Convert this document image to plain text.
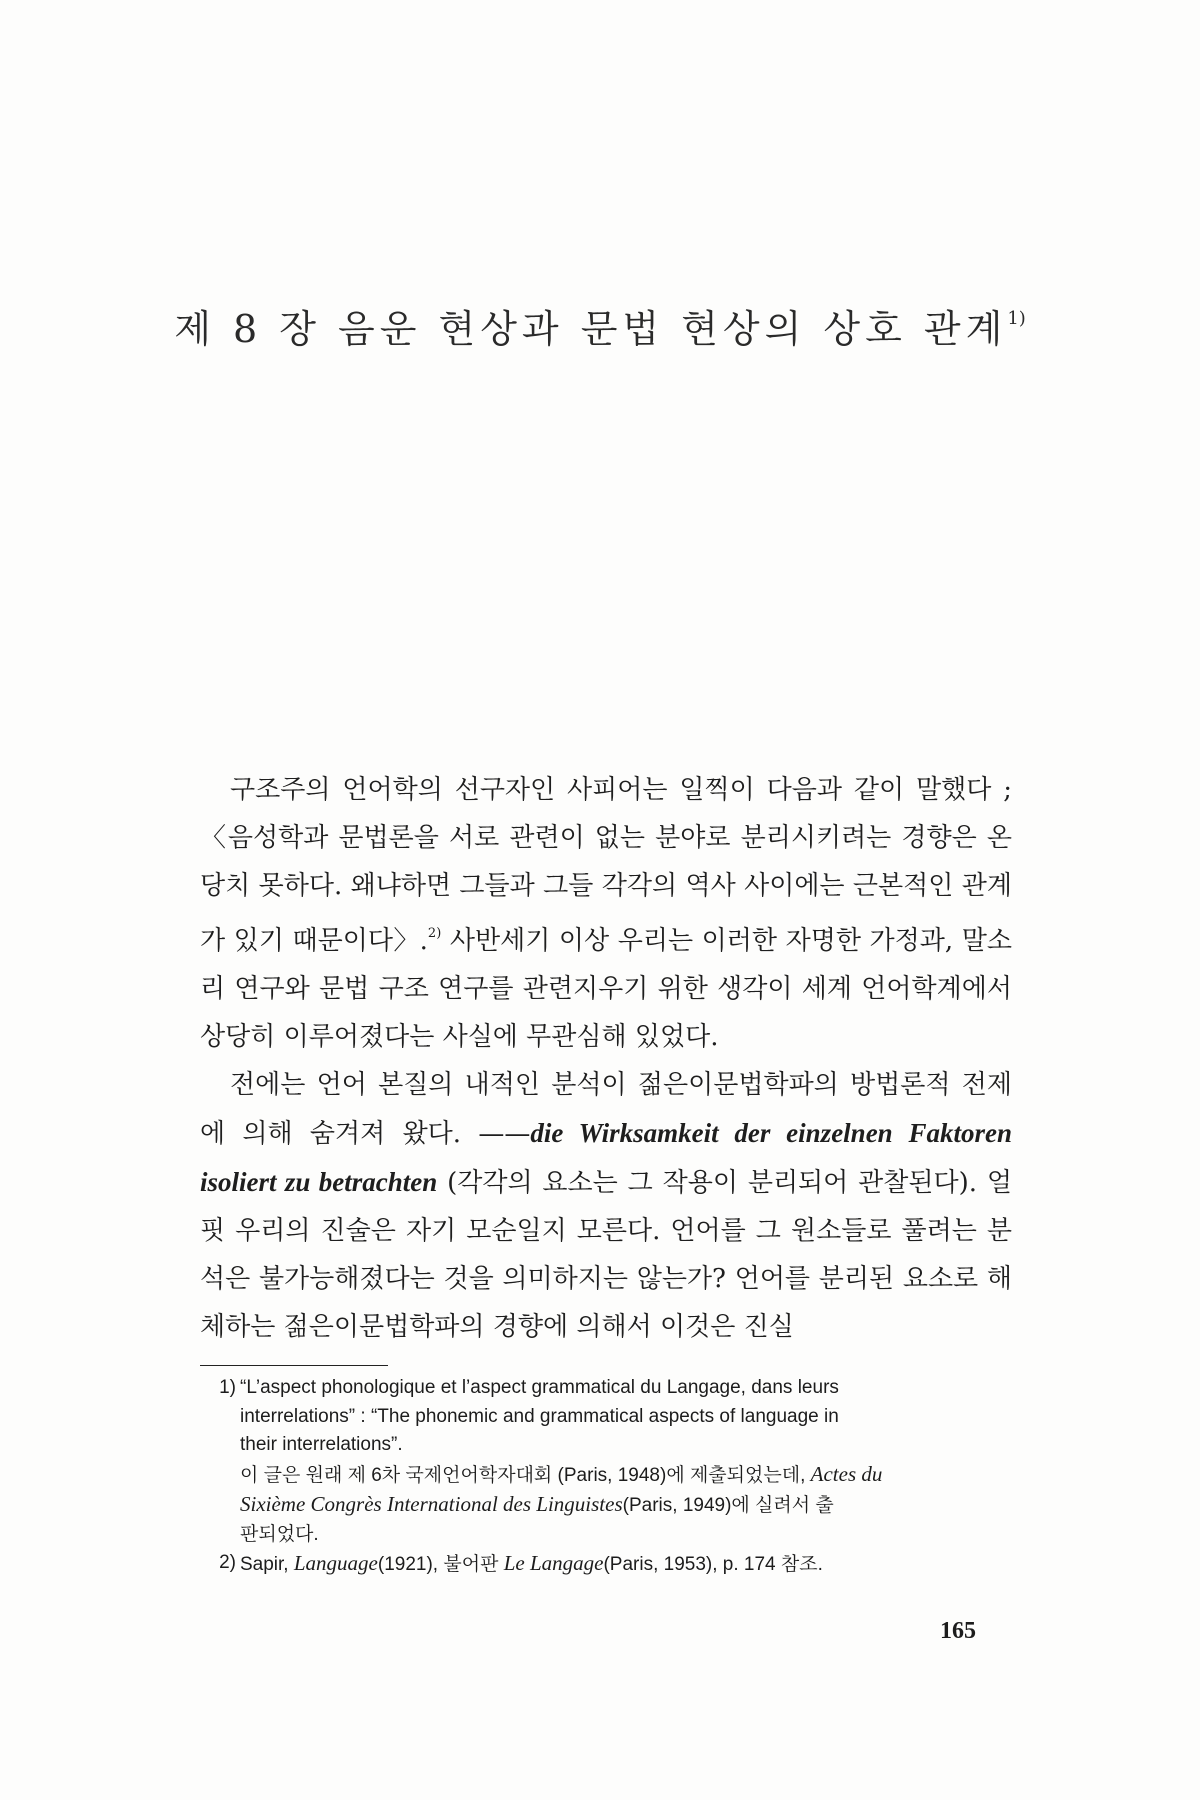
제 8 장 음운 현상과 문법 현상의 상호 관계$^{1)}$

구조주의 언어학의 선구자인 사피어는 일찍이 다음과 같이 말했다 ; 〈음성학과 문법론을 서로 관련이 없는 분야로 분리시키려는 경향은 온당치 못하다. 왜냐하면 그들과 그들 각각의 역사 사이에는 근본적인 관계가 있기 때문이다〉.$^{2)}$ 사반세기 이상 우리는 이러한 자명한 가정과, 말소리 연구와 문법 구조 연구를 관련지우기 위한 생각이 세계 언어학계에서 상당히 이루어졌다는 사실에 무관심해 있었다.

전에는 언어 본질의 내적인 분석이 젊은이문법학파의 방법론적 전제에 의해 숨겨져 왔다. ——die Wirksamkeit der einzelnen Faktoren isoliert zu betrachten (각각의 요소는 그 작용이 분리되어 관찰된다). 얼핏 우리의 진술은 자기 모순일지 모른다. 언어를 그 원소들로 풀려는 분석은 불가능해졌다는 것을 의미하지는 않는가? 언어를 분리된 요소로 해체하는 젊은이문법학파의 경향에 의해서 이것은 진실

1) “L’aspect phonologique et l’aspect grammatical du Langage, dans leurs
interrelations” : “The phonemic and grammatical aspects of language in
their interrelations”.
이 글은 원래 제 6차 국제언어학자대회 (Paris, 1948)에 제출되었는데, Actes du
Sixième Congrès International des Linguistes(Paris, 1949)에 실려서 출
판되었다.
2) Sapir, Language(1921), 불어판 Le Langage(Paris, 1953), p. 174 참조.
165
